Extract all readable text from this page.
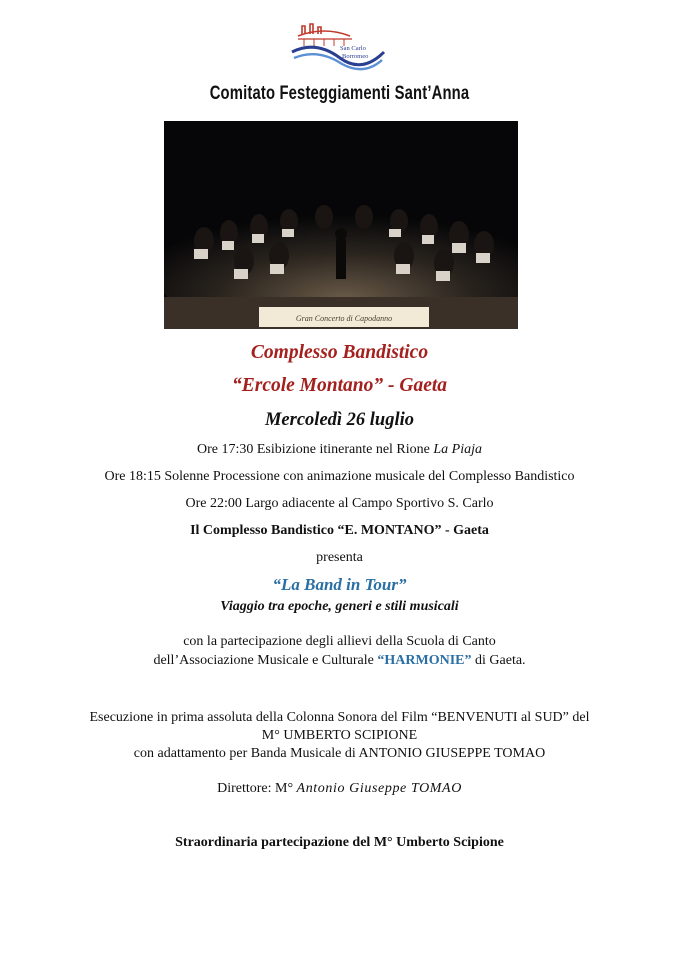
San Carlo
Borromeo
Comitato Festeggiamenti Sant’Anna
Gran Concerto di Capodanno
Complesso Bandistico
“Ercole Montano” - Gaeta
Mercoledì 26 luglio
Ore 17:30 Esibizione itinerante nel Rione La Piaja
Ore 18:15 Solenne Processione con animazione musicale del Complesso Bandistico
Ore 22:00 Largo adiacente al Campo Sportivo S. Carlo
Il Complesso Bandistico “E. MONTANO” - Gaeta
presenta
“La Band in Tour”
Viaggio tra epoche, generi e stili musicali
con la partecipazione degli allievi della Scuola di Canto
dell’Associazione Musicale e Culturale “HARMONIE” di Gaeta.
Esecuzione in prima assoluta della Colonna Sonora del Film “BENVENUTI al SUD” del
M° UMBERTO SCIPIONE
con adattamento per Banda Musicale di ANTONIO GIUSEPPE TOMAO
Direttore: M° Antonio Giuseppe TOMAO
Straordinaria partecipazione del M° Umberto Scipione
